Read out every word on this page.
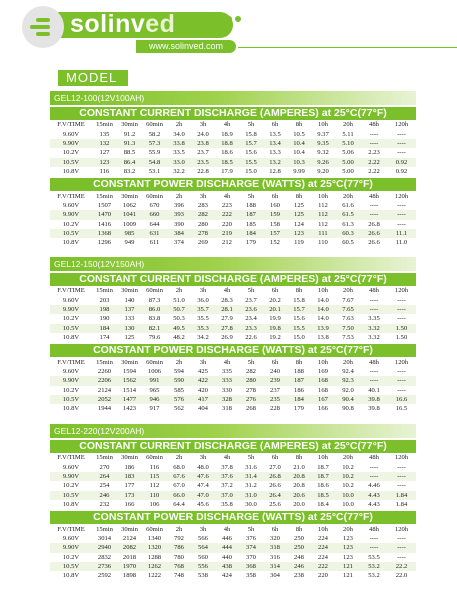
solinved
www.solinved.com
MODEL
GEL12-100(12V100AH)
CONSTANT CURRENT DISCHARGE (AMPERES) at 25°C(77°F)
F.V/TIME	15min	30min	60min	2h	3h	4h	5h	6h	8h	10h	20h	48h	120h
9.60V	135	91.2	58.2	34.0	24.0	18.9	15.8	13.5	10.5	9.37	5.11	----	----
9.90V	132	91.3	57.3	33.8	23.8	18.8	15.7	13.4	10.4	9.35	5.10	----	----
10.2V	127	88.5	55.9	33.5	23.7	18.6	15.6	13.3	10.4	9.32	5.06	2.23	----
10.5V	123	86.4	54.8	33.0	23.5	18.5	15.5	13.2	10.3	9.26	5.00	2.22	0.92
10.8V	116	83.2	53.1	32.2	22.8	17.9	15.0	12.8	9.99	9.20	5.00	2.22	0.92
CONSTANT POWER DISCHARGE (WATTS) at 25°C(77°F)
F.V/TIME	15min	30min	60min	2h	3h	4h	5h	6h	8h	10h	20h	48h	120h
9.60V	1507	1062	670	396	283	223	188	160	125	112	61.6	----	----
9.90V	1470	1041	660	393	282	222	187	159	125	112	61.5	----	----
10.2V	1416	1009	644	390	280	220	185	158	124	112	61.3	26.8	----
10.5V	1368	985	631	384	278	219	184	157	123	111	60.3	26.6	11.1
10.8V	1296	949	611	374	269	212	179	152	119	110	60.5	26.6	11.0
GEL12-150(12V150AH)
CONSTANT CURRENT DISCHARGE (AMPERES) at 25°C(77°F)
F.V/TIME	15min	30min	60min	2h	3h	4h	5h	6h	8h	10h	20h	48h	120h
9.60V	203	140	87.3	51.0	36.0	28.3	23.7	20.2	15.8	14.0	7.67	----	----
9.90V	198	137	86.0	50.7	35.7	28.1	23.6	20.1	15.7	14.0	7.65	----	----
10.2V	190	133	83.8	50.3	35.5	27.9	23.4	19.9	15.6	14.0	7.63	3.35	----
10.5V	184	130	82.1	49.5	35.3	27.8	23.3	19.8	15.5	13.9	7.50	3.32	1.50
10.8V	174	125	79.6	48.2	34.2	26.9	22.6	19.2	15.0	13.8	7.53	3.32	1.50
CONSTANT POWER DISCHARGE (WATTS) at 25°C(77°F)
F.V/TIME	15min	30min	60min	2h	3h	4h	5h	6h	8h	10h	20h	48h	120h
9.60V	2260	1594	1006	594	425	335	282	240	188	169	92.4	----	----
9.90V	2206	1562	991	590	422	333	280	239	187	168	92.3	----	----
10.2V	2124	1514	965	585	420	330	278	237	186	168	92.0	40.1	----
10.5V	2052	1477	946	576	417	328	276	235	184	167	90.4	39.8	16.6
10.8V	1944	1423	917	562	404	318	268	228	179	166	90.8	39.8	16.5
GEL12-220(12V200AH)
CONSTANT CURRENT DISCHARGE (AMPERES) at 25°C(77°F)
F.V/TIME	15min	30min	60min	2h	3h	4h	5h	6h	8h	10h	20h	48h	120h
9.60V	270	186	116	68.0	48.0	37.8	31.6	27.0	21.0	18.7	10.2	----	----
9.90V	264	183	115	67.6	47.6	37.6	31.4	26.8	20.8	18.7	10.2	----	----
10.2V	254	177	112	67.0	47.4	37.2	31.2	26.6	20.8	18.6	10.2	4.46	----
10.5V	246	173	110	66.0	47.0	37.0	31.0	26.4	20.6	18.5	10.0	4.43	1.84
10.8V	232	166	106	64.4	45.6	35.8	30.0	25.6	20.0	18.4	10.0	4.43	1.84
CONSTANT POWER DISCHARGE (WATTS) at 25°C(77°F)
F.V/TIME	15min	30min	60min	2h	3h	4h	5h	6h	8h	10h	20h	48h	120h
9.60V	3014	2124	1340	792	566	446	376	320	250	224	123	----	----
9.90V	2940	2082	1320	786	564	444	374	318	250	224	123	----	----
10.2V	2832	2018	1288	780	560	440	370	316	248	224	123	53.5	----
10.5V	2736	1970	1262	768	556	438	368	314	246	222	121	53.2	22.2
10.8V	2592	1898	1222	748	538	424	358	304	238	220	121	53.2	22.0
